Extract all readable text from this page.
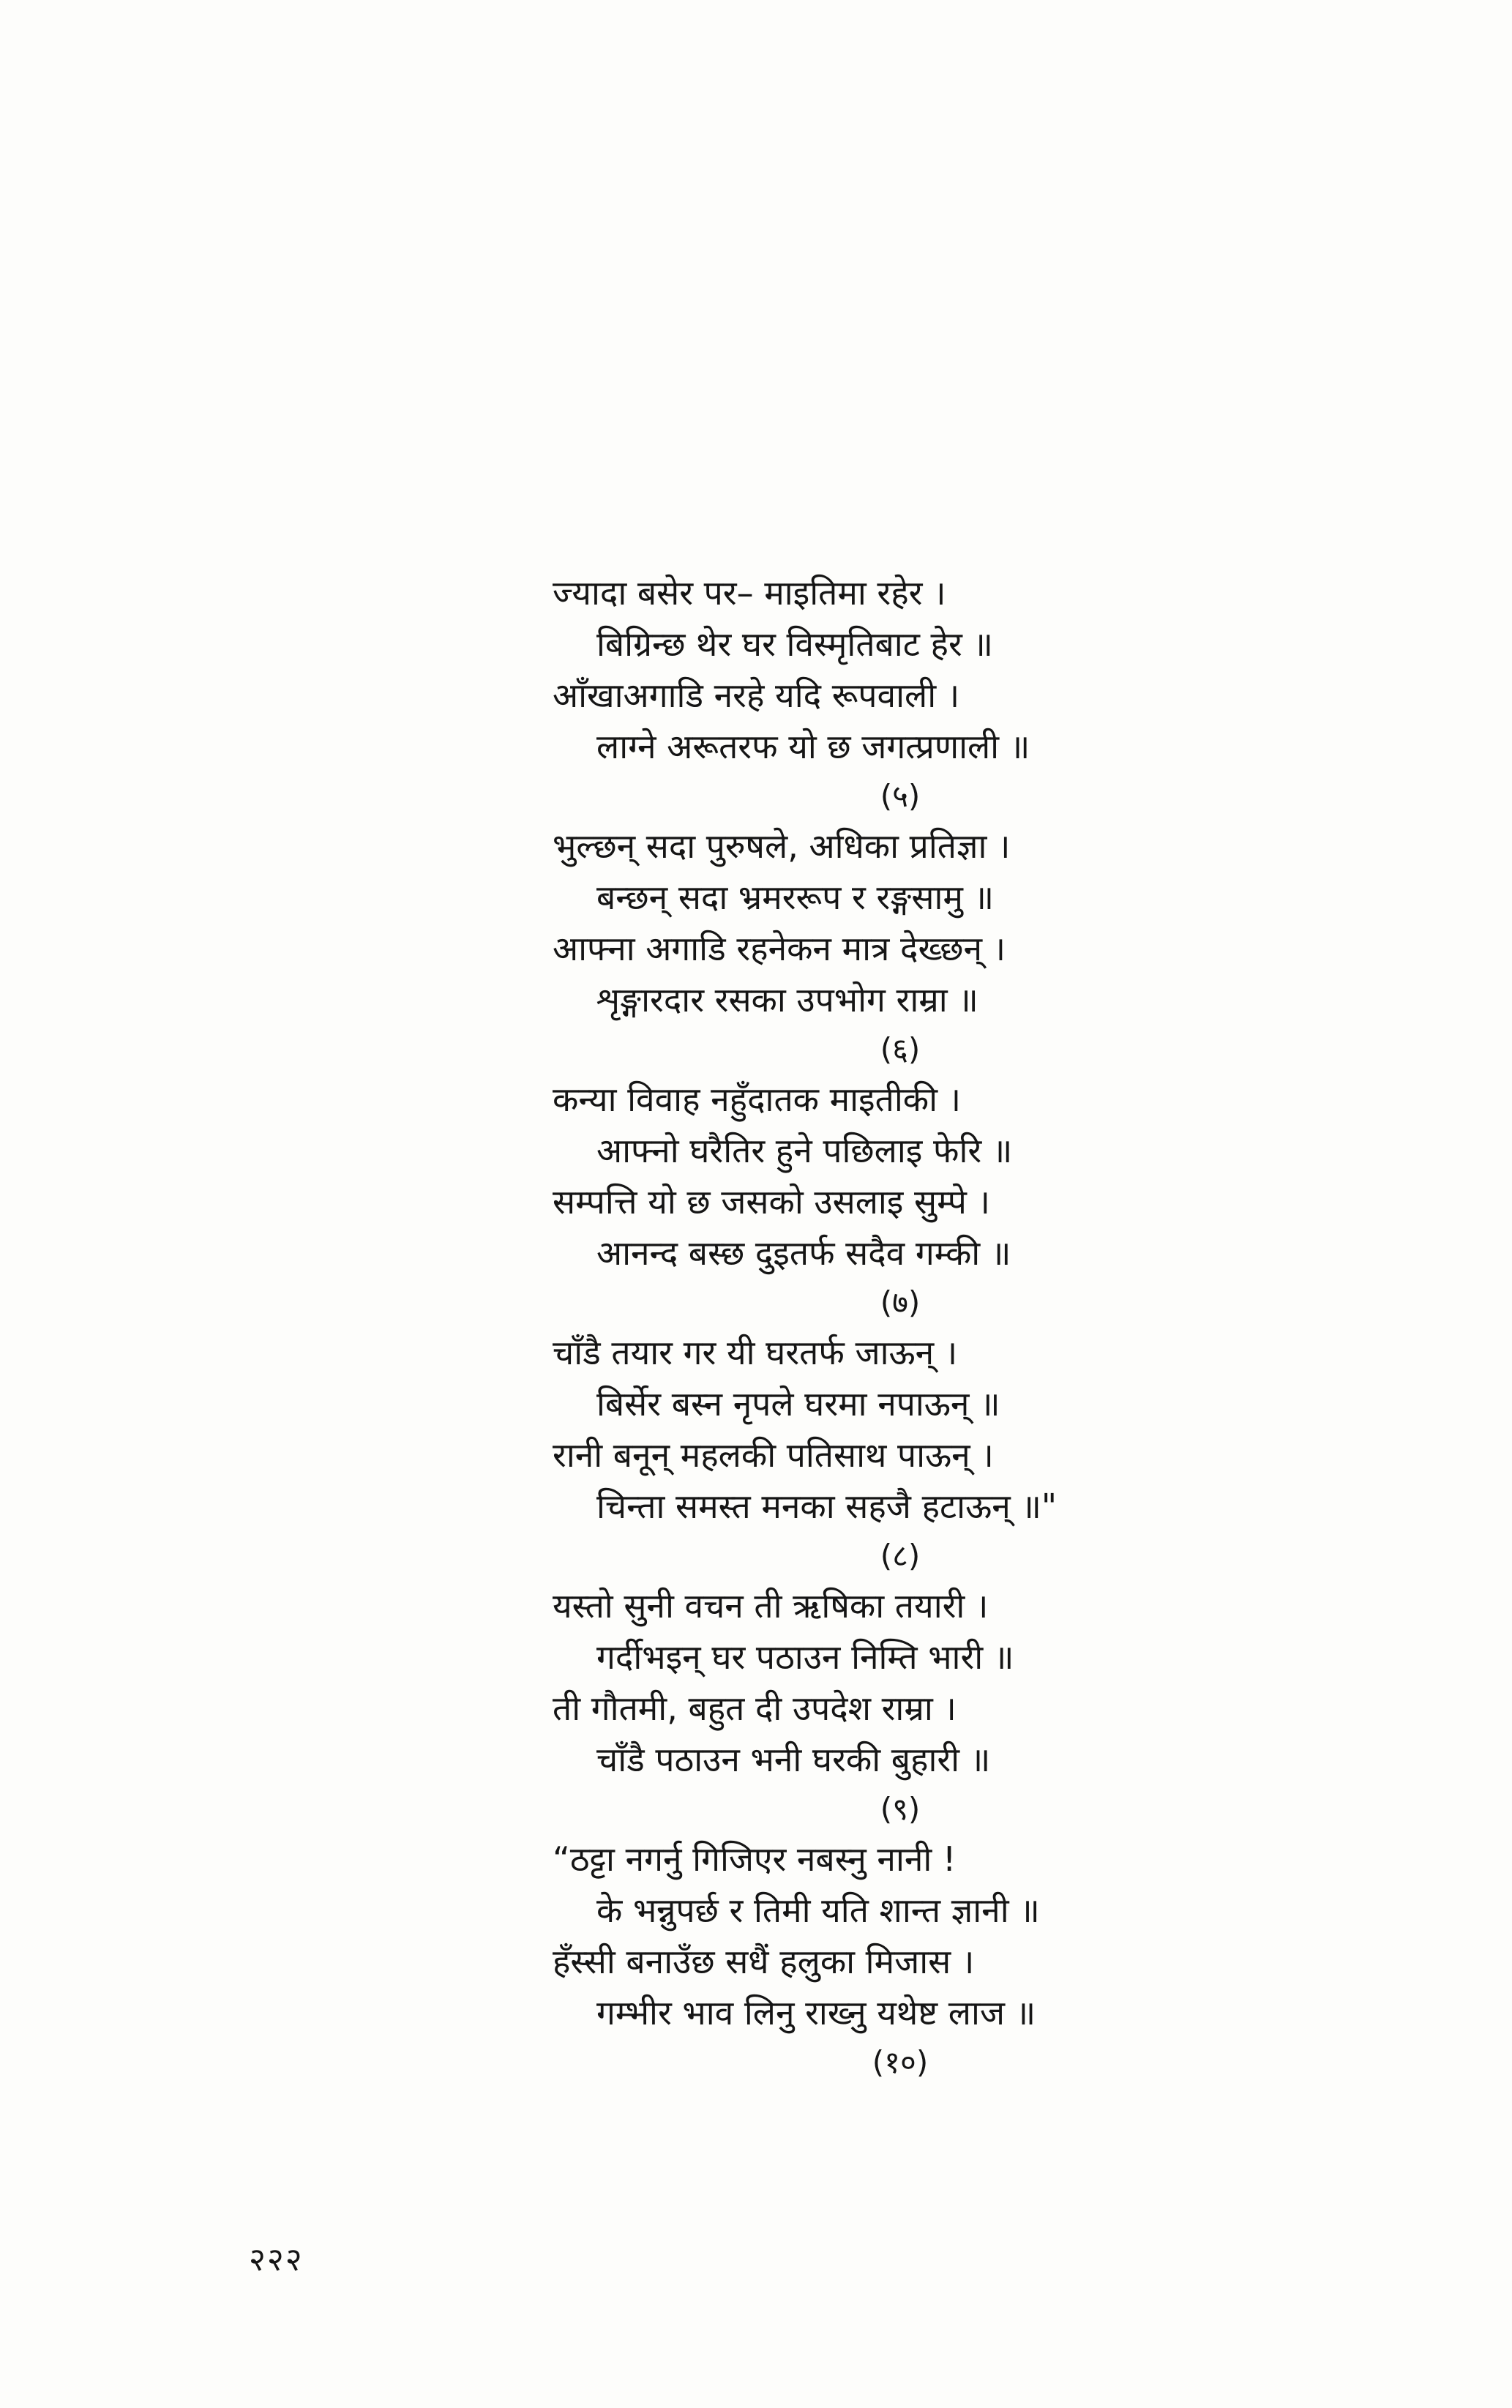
ज्यादा बसेर पर– माइतिमा रहेर ।
बिग्रिन्छ थेर घर विस्मृतिबाट हेर ॥
आँखाअगाडि नरहे यदि रूपवाली ।
लाग्ने अरूतरफ यो छ जगत्प्रणाली ॥
(५)
भुल्छन् सदा पुरुषले, अधिका प्रतिज्ञा ।
बन्छन् सदा भ्रमररूप र रङ्गसामु ॥
आफ्ना अगाडि रहनेकन मात्र देख्छन् ।
शृङ्गारदार रसका उपभोग राम्रा ॥
(६)
कन्या विवाह नहुँदातक माइतीकी ।
आफ्नो घरैतिर हुने पछिलाइ फेरि ॥
सम्पत्ति यो छ जसको उसलाइ सुम्पे ।
आनन्द बस्छ दुइतर्फ सदैव गम्की ॥
(७)
चाँडै तयार गर यी घरतर्फ जाऊन् ।
बिर्सेर बस्न नृपले घरमा नपाऊन् ॥
रानी बनून् महलकी पतिसाथ पाऊन् ।
चिन्ता समस्त मनका सहजै हटाऊन् ॥"
(८)
यस्तो सुनी वचन ती ऋषिका तयारी ।
गर्दीभइन् घर पठाउन निम्ति भारी ॥
ती गौतमी, बहुत दी उपदेश राम्रा ।
चाँडै पठाउन भनी घरकी बुहारी ॥
(९)
“ठट्टा नगर्नु गिजिएर नबस्नु नानी !
के भन्नुपर्छ र तिमी यति शान्त ज्ञानी ॥
हँस्सी बनाउँछ सधैं हलुका मिजास ।
गम्भीर भाव लिनु राख्नु यथेष्ट लाज ॥
(१०)
२२२
